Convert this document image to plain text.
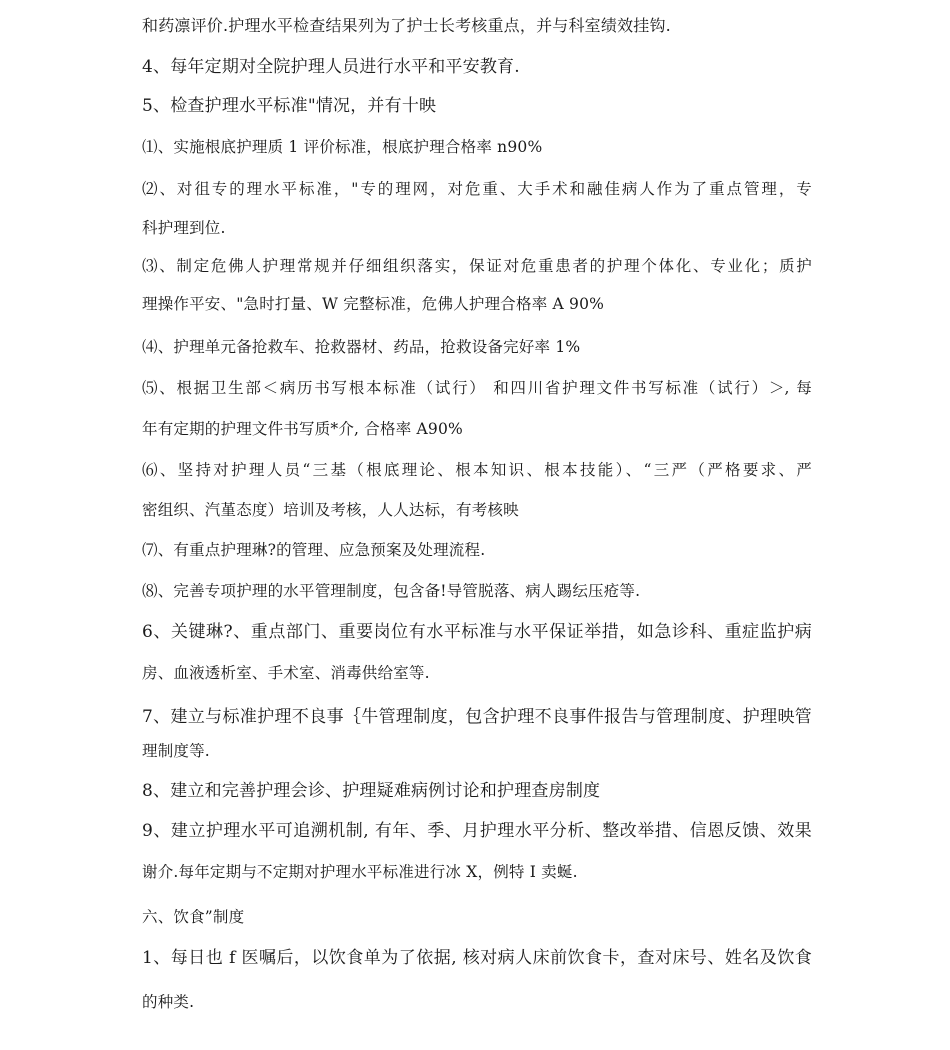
和药凛评价.护理水平检查结果列为了护士长考核重点，并与科室绩效挂钩.
4、每年定期对全院护理人员进行水平和平安教育.
5、检查护理水平标准"情况，并有十映
⑴、实施根底护理质 1 评价标准，根底护理合格率 n90%
⑵、对徂专的理水平标准，"专的理网，对危重、大手术和融佳病人作为了重点管理，专
科护理到位.
⑶、制定危佛人护理常规并仔细组织落实，保证对危重患者的护理个体化、专业化；质护
理操作平安、"急时打量、W 完整标准，危佛人护理合格率 A 90%
⑷、护理单元备抢救车、抢救器材、药品，抢救设备完好率 1%
⑸、根据卫生部＜病历书写根本标准（试行） 和四川省护理文件书写标准（试行）＞, 每
年有定期的护理文件书写质*介, 合格率 A90%
⑹、坚持对护理人员“三基（根底理论、根本知识、根本技能）、“三严（严格要求、严
密组织、汽堇态度）培训及考核，人人达标，有考核映
⑺、有重点护理琳?的管理、应急预案及处理流程.
⑻、完善专项护理的水平管理制度，包含备!导管脱落、病人踢纭压疮等.
6、关键琳?、重点部门、重要岗位有水平标准与水平保证举措，如急诊科、重症监护病
房、血液透析室、手术室、消毒供给室等.
7、建立与标准护理不良事｛牛管理制度，包含护理不良事件报告与管理制度、护理映管
理制度等.
8、建立和完善护理会诊、护理疑难病例讨论和护理查房制度
9、建立护理水平可追溯机制, 有年、季、月护理水平分析、整改举措、信恩反馈、效果
谢介.每年定期与不定期对护理水平标准进行冰 X，例特 I 卖蜒.
六、饮食”制度
1、每日也 f 医嘱后，以饮食单为了依据, 核对病人床前饮食卡，查对床号、姓名及饮食
的种类.
